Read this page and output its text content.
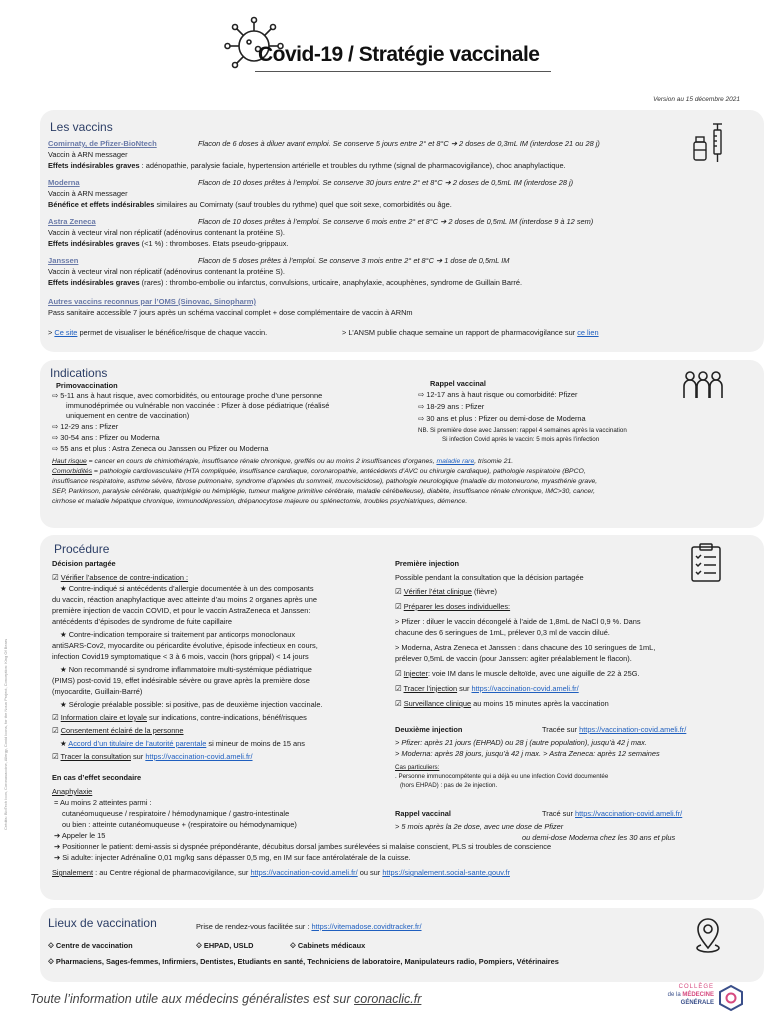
Covid-19 / Stratégie vaccinale
Version au 15 décembre 2021
Les vaccins
Comirnaty, de Pfizer-BioNtech	Flacon de 6 doses à diluer avant emploi. Se conserve 5 jours entre 2° et 8°C ➔ 2 doses de 0,3mL IM (interdose 21 ou 28 j)
Vaccin à ARN messager
Effets indésirables graves : adénopathie, paralysie faciale, hypertension artérielle et troubles du rythme (signal de pharmacovigilance), choc anaphylactique.
Moderna	Flacon de 10 doses prêtes à l’emploi. Se conserve 30 jours entre 2° et 8°C ➔ 2 doses de 0,5mL IM (interdose 28 j)
Vaccin à ARN messager
Bénéfice et effets indésirables similaires au Comirnaty (sauf troubles du rythme) quel que soit sexe, comorbidités ou âge.
Astra Zeneca	Flacon de 10 doses prêtes à l’emploi. Se conserve 6 mois entre 2° et 8°C ➔ 2 doses de 0,5mL IM (interdose 9 à 12 sem)
Vaccin à vecteur viral non réplicatif (adénovirus contenant la protéine S).
Effets indésirables graves (<1 %) : thromboses. Etats pseudo-grippaux.
Janssen	Flacon de 5 doses prêtes à l’emploi. Se conserve 3 mois entre 2° et 8°C ➔ 1 dose de 0,5mL IM
Vaccin à vecteur viral non réplicatif (adénovirus contenant la protéine S).
Effets indésirables graves (rares) : thrombo-embolie ou infarctus, convulsions, urticaire, anaphylaxie, acouphènes, syndrome de Guillain Barré.
Autres vaccins reconnus par l’OMS (Sinovac, Sinopharm)
Pass sanitaire accessible 7 jours après un schéma vaccinal complet + dose complémentaire de vaccin à ARNm
> Ce site permet de visualiser le bénéfice/risque de chaque vaccin.	> L’ANSM publie chaque semaine un rapport de pharmacovigilance sur ce lien
Indications
Primovaccination
⇨ 5-11 ans à haut risque, avec comorbidités, ou entourage proche d’une personne
immunodéprimée ou vulnérable non vaccinée : Pfizer à dose pédiatrique (réalisé
uniquement en centre de vaccination)
⇨ 12-29 ans : Pfizer
⇨ 30-54 ans : Pfizer ou Moderna
⇨ 55 ans et plus : Astra Zeneca ou Janssen ou Pfizer ou Moderna
Rappel vaccinal
⇨ 12-17 ans à haut risque ou comorbidité: Pfizer
⇨ 18-29 ans : Pfizer
⇨ 30 ans et plus : Pfizer ou demi-dose de Moderna
NB. Si première dose avec Janssen: rappel 4 semaines après la vaccination
Si infection Covid après le vaccin: 5 mois après l’infection
Haut risque = cancer en cours de chimiothérapie, insuffisance rénale chronique, greffés ou au moins 2 insuffisances d’organes, maladie rare, trisomie 21.
Comorbidités = pathologie cardiovasculaire (HTA compliquée, insuffisance cardiaque, coronaropathie, antécédents d’AVC ou chirurgie cardiaque), pathologie respiratoire (BPCO,
insuffisance respiratoire, asthme sévère, fibrose pulmonaire, syndrome d’apnées du sommeil, mucoviscidose), pathologie neurologique (maladie du motoneurone, myasthénie grave,
SEP, Parkinson, paralysie cérébrale, quadriplégie ou hémiplégie, tumeur maligne primitive cérébrale, maladie cérébelleuse), diabète, insuffisance rénale chronique, IMC>30, cancer,
cirrhose et maladie hépatique chronique, immunodépression, drépanocytose majeure ou splénectomie, troubles psychiatriques, démence.
Procédure
Décision partagée
☑ Vérifier l’absence de contre-indication :
★ Contre-indiqué si antécédents d’allergie documentée à un des composants
du vaccin, réaction anaphylactique avec atteinte d’au moins 2 organes après une
première injection de vaccin COVID, et pour le vaccin AstraZeneca et Janssen:
antécédents d’épisodes de syndrome de fuite capillaire
★ Contre-indication temporaire si traitement par anticorps monoclonaux
antiSARS-Cov2, myocardite ou péricardite évolutive, épisode infectieux en cours,
infection Covid19 symptomatique < 3 à 6 mois, vaccin (hors grippal) < 14 jours
★ Non recommandé si syndrome inflammatoire multi-systémique pédiatrique
(PIMS) post-covid 19, effet indésirable sévère ou grave après la première dose
(myocardite, Guillain-Barré)
★ Sérologie préalable possible: si positive, pas de deuxième injection vaccinale.
☑ Information claire et loyale sur indications, contre-indications, bénéf/risques
☑ Consentement éclairé de la personne
★ Accord d’un titulaire de l’autorité parentale si mineur de moins de 15 ans
☑ Tracer la consultation sur https://vaccination-covid.ameli.fr/
En cas d’effet secondaire
Anaphylaxie
= Au moins 2 atteintes parmi :
cutanéomuqueuse / respiratoire / hémodynamique / gastro-intestinale
ou bien : atteinte cutanéomuqueuse + (respiratoire ou hémodynamique)
➔ Appeler le 15
➔ Positionner le patient: demi-assis si dyspnée prépondérante, décubitus dorsal jambes surélevées si malaise conscient, PLS si troubles de conscience
➔ Si adulte: injecter Adrénaline 0,01 mg/kg sans dépasser 0,5 mg, en IM sur face antérolatérale de la cuisse.
Signalement : au Centre régional de pharmacovigilance, sur https://vaccination-covid.ameli.fr/ ou sur https://signalement.social-sante.gouv.fr
Première injection
Possible pendant la consultation que la décision partagée
☑ Vérifier l’état clinique (fièvre)
☑ Préparer les doses individuelles:
> Pfizer : diluer le vaccin décongelé à l’aide de 1,8mL de NaCl 0,9 %. Dans
chacune des 6 seringues de 1mL, prélever 0,3 ml de vaccin dilué.
> Moderna, Astra Zeneca et Janssen : dans chacune des 10 seringues de 1mL,
prélever 0,5mL de vaccin (pour Janssen: agiter préalablement le flacon).
☑ Injecter: voie IM dans le muscle deltoïde, avec une aiguille de 22 à 25G.
☑ Tracer l’injection sur https://vaccination-covid.ameli.fr/
☑ Surveillance clinique au moins 15 minutes après la vaccination
Deuxième injection	Tracée sur https://vaccination-covid.ameli.fr/
> Pfizer: après 21 jours (EHPAD) ou 28 j (autre population), jusqu’à 42 j max.
> Moderna: après 28 jours, jusqu’à 42 j max. > Astra Zeneca: après 12 semaines
Cas particuliers:
. Personne immunocompétente qui a déjà eu une infection Covid documentée
(hors EHPAD) : pas de 2e injection.
Rappel vaccinal	Tracé sur https://vaccination-covid.ameli.fr/
> 5 mois après la 2e dose, avec une dose de Pfizer
ou demi-dose Moderna chez les 30 ans et plus
Lieux de vaccination	Prise de rendez-vous facilitée sur : https://vitemadose.covidtracker.fr/
⟐ Centre de vaccination	⟐ EHPAD, USLD	⟐ Cabinets médicaux
⟐ Pharmaciens, Sages-femmes, Infirmiers, Dentistes, Etudiants en santé, Techniciens de laboratoire, Manipulateurs radio, Pompiers, Vétérinaires
Toute l’information utile aux médecins généralistes est sur coronaclic.fr
COLLÈGE
de la MÉDECINE
GÉNÉRALE
Crédits: BioTech Icon, Coronavaccine, Allergy, Covid Icons, for the Noun Project, Conception: King Of Bears
